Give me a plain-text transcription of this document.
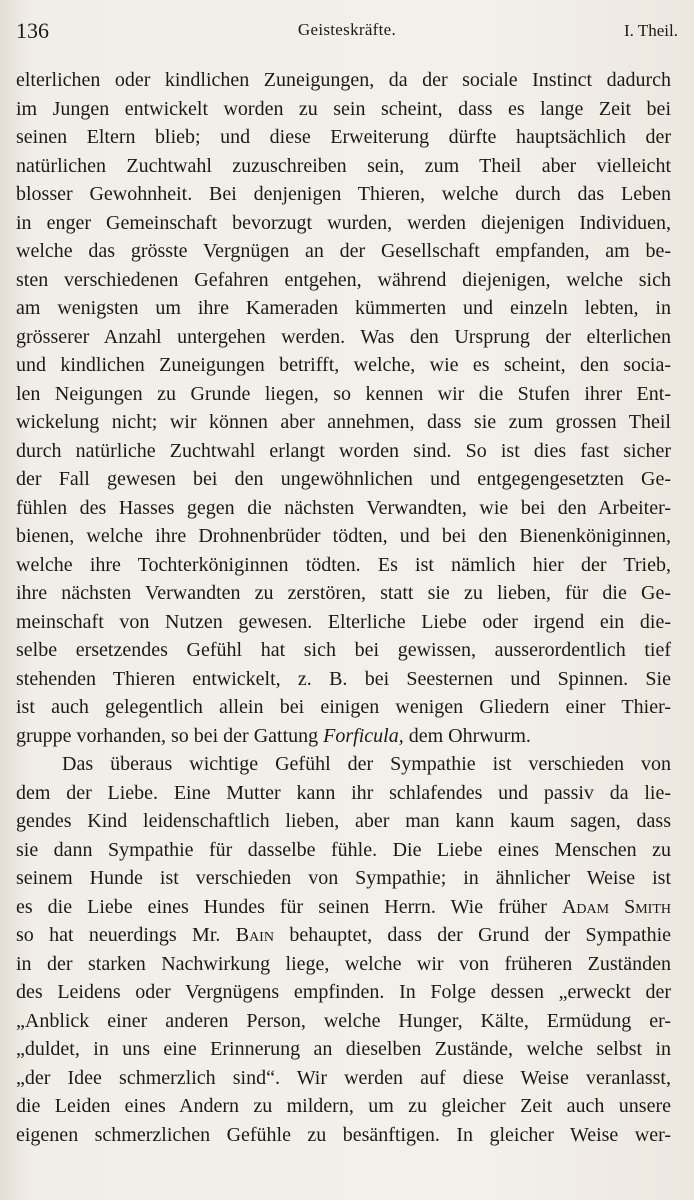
136	Geisteskräfte.	I. Theil.
elterlichen oder kindlichen Zuneigungen, da der sociale Instinct dadurch
im Jungen entwickelt worden zu sein scheint, dass es lange Zeit bei
seinen Eltern blieb; und diese Erweiterung dürfte hauptsächlich der
natürlichen Zuchtwahl zuzuschreiben sein, zum Theil aber vielleicht
blosser Gewohnheit. Bei denjenigen Thieren, welche durch das Leben
in enger Gemeinschaft bevorzugt wurden, werden diejenigen Individuen,
welche das grösste Vergnügen an der Gesellschaft empfanden, am be-
sten verschiedenen Gefahren entgehen, während diejenigen, welche sich
am wenigsten um ihre Kameraden kümmerten und einzeln lebten, in
grösserer Anzahl untergehen werden. Was den Ursprung der elterlichen
und kindlichen Zuneigungen betrifft, welche, wie es scheint, den socia-
len Neigungen zu Grunde liegen, so kennen wir die Stufen ihrer Ent-
wickelung nicht; wir können aber annehmen, dass sie zum grossen Theil
durch natürliche Zuchtwahl erlangt worden sind. So ist dies fast sicher
der Fall gewesen bei den ungewöhnlichen und entgegengesetzten Ge-
fühlen des Hasses gegen die nächsten Verwandten, wie bei den Arbeiter-
bienen, welche ihre Drohnenbrüder tödten, und bei den Bienenköniginnen,
welche ihre Tochterköniginnen tödten. Es ist nämlich hier der Trieb,
ihre nächsten Verwandten zu zerstören, statt sie zu lieben, für die Ge-
meinschaft von Nutzen gewesen. Elterliche Liebe oder irgend ein die-
selbe ersetzendes Gefühl hat sich bei gewissen, ausserordentlich tief
stehenden Thieren entwickelt, z. B. bei Seesternen und Spinnen. Sie
ist auch gelegentlich allein bei einigen wenigen Gliedern einer Thier-
gruppe vorhanden, so bei der Gattung Forficula, dem Ohrwurm.
Das überaus wichtige Gefühl der Sympathie ist verschieden von
dem der Liebe. Eine Mutter kann ihr schlafendes und passiv da lie-
gendes Kind leidenschaftlich lieben, aber man kann kaum sagen, dass
sie dann Sympathie für dasselbe fühle. Die Liebe eines Menschen zu
seinem Hunde ist verschieden von Sympathie; in ähnlicher Weise ist
es die Liebe eines Hundes für seinen Herrn. Wie früher Adam Smith
so hat neuerdings Mr. Bain behauptet, dass der Grund der Sympathie
in der starken Nachwirkung liege, welche wir von früheren Zuständen
des Leidens oder Vergnügens empfinden. In Folge dessen „erweckt der
„Anblick einer anderen Person, welche Hunger, Kälte, Ermüdung er-
„duldet, in uns eine Erinnerung an dieselben Zustände, welche selbst in
„der Idee schmerzlich sind“. Wir werden auf diese Weise veranlasst,
die Leiden eines Andern zu mildern, um zu gleicher Zeit auch unsere
eigenen schmerzlichen Gefühle zu besänftigen. In gleicher Weise wer-
